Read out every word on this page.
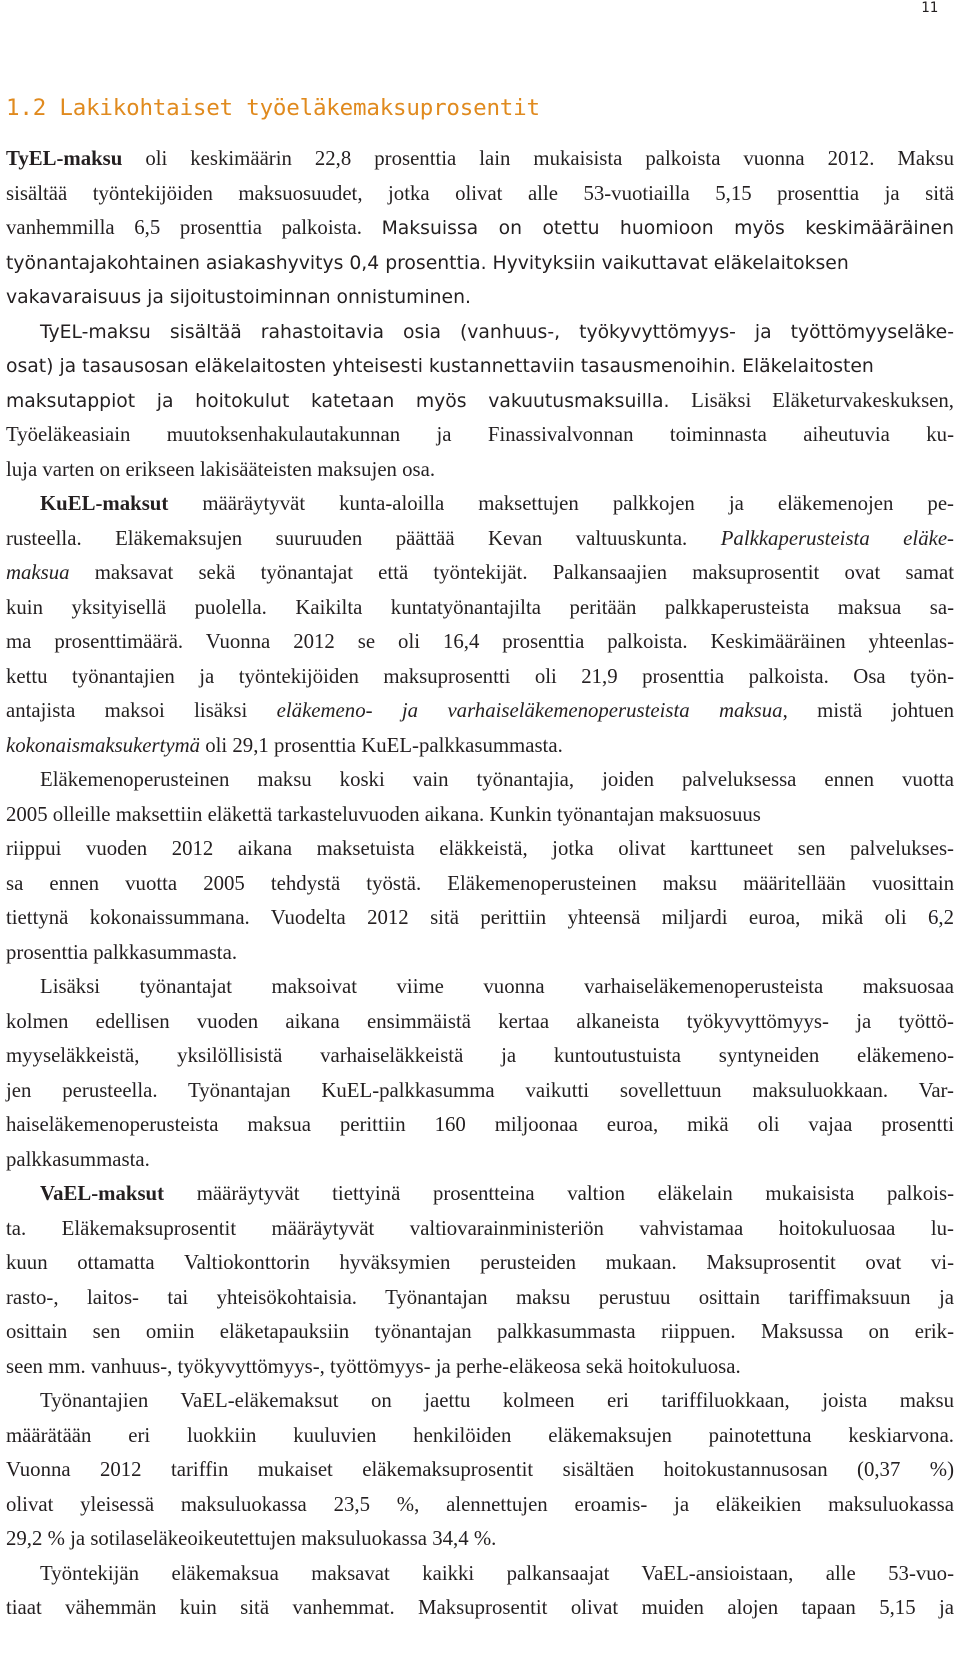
11
1.2 Lakikohtaiset työeläkemaksuprosentit
TyEL-maksu oli keskimäärin 22,8 prosenttia lain mukaisista palkoista vuonna 2012. Maksu
sisältää työntekijöiden maksuosuudet, jotka olivat alle 53-vuotiailla 5,15 prosenttia ja sitä
vanhemmilla 6,5 prosenttia palkoista. Maksuissa on otettu huomioon myös keskimääräinen
työnantajakohtainen asiakashyvitys 0,4 prosenttia. Hyvityksiin vaikuttavat eläkelaitoksen
vakavaraisuus ja sijoitustoiminnan onnistuminen.
TyEL-maksu sisältää rahastoitavia osia (vanhuus-, työkyvyttömyys- ja työttömyyseläke-
osat) ja tasausosan eläkelaitosten yhteisesti kustannettaviin tasausmenoihin. Eläkelaitosten
maksutappiot ja hoitokulut katetaan myös vakuutusmaksuilla. Lisäksi Eläketurvakeskuksen,
Työeläkeasiain muutoksenhakulautakunnan ja Finassivalvonnan toiminnasta aiheutuvia ku-
luja varten on erikseen lakisääteisten maksujen osa.
KuEL-maksut määräytyvät kunta-aloilla maksettujen palkkojen ja eläkemenojen pe-
rusteella. Eläkemaksujen suuruuden päättää Kevan valtuuskunta. Palkkaperusteista eläke-
maksua maksavat sekä työnantajat että työntekijät. Palkansaajien maksuprosentit ovat samat
kuin yksityisellä puolella. Kaikilta kuntatyönantajilta peritään palkkaperusteista maksua sa-
ma prosenttimäärä. Vuonna 2012 se oli 16,4 prosenttia palkoista. Keskimääräinen yhteenlas-
kettu työnantajien ja työntekijöiden maksuprosentti oli 21,9 prosenttia palkoista. Osa työn-
antajista maksoi lisäksi eläkemeno- ja varhaiseläkemenoperusteista maksua, mistä johtuen
kokonaismaksukertymä oli 29,1 prosenttia KuEL-palkkasummasta.
Eläkemenoperusteinen maksu koski vain työnantajia, joiden palveluksessa ennen vuotta
2005 olleille maksettiin eläkettä tarkasteluvuoden aikana. Kunkin työnantajan maksuosuus
riippui vuoden 2012 aikana maksetuista eläkkeistä, jotka olivat karttuneet sen palvelukses-
sa ennen vuotta 2005 tehdystä työstä. Eläkemenoperusteinen maksu määritellään vuosittain
tiettynä kokonaissummana. Vuodelta 2012 sitä perittiin yhteensä miljardi euroa, mikä oli 6,2
prosenttia palkkasummasta.
Lisäksi työnantajat maksoivat viime vuonna varhaiseläkemenoperusteista maksuosaa
kolmen edellisen vuoden aikana ensimmäistä kertaa alkaneista työkyvyttömyys- ja työttö-
myyseläkkeistä, yksilöllisistä varhaiseläkkeistä ja kuntoutustuista syntyneiden eläkemeno-
jen perusteella. Työnantajan KuEL-palkkasumma vaikutti sovellettuun maksuluokkaan. Var-
haiseläkemenoperusteista maksua perittiin 160 miljoonaa euroa, mikä oli vajaa prosentti
palkkasummasta.
VaEL-maksut määräytyvät tiettyinä prosentteina valtion eläkelain mukaisista palkois-
ta. Eläkemaksuprosentit määräytyvät valtiovarainministeriön vahvistamaa hoitokuluosaa lu-
kuun ottamatta Valtiokonttorin hyväksymien perusteiden mukaan. Maksuprosentit ovat vi-
rasto-, laitos- tai yhteisökohtaisia. Työnantajan maksu perustuu osittain tariffimaksuun ja
osittain sen omiin eläketapauksiin työnantajan palkkasummasta riippuen. Maksussa on erik-
seen mm. vanhuus-, työkyvyttömyys-, työttömyys- ja perhe-eläkeosa sekä hoitokuluosa.
Työnantajien VaEL-eläkemaksut on jaettu kolmeen eri tariffiluokkaan, joista maksu
määrätään eri luokkiin kuuluvien henkilöiden eläkemaksujen painotettuna keskiarvona.
Vuonna 2012 tariffin mukaiset eläkemaksuprosentit sisältäen hoitokustannusosan (0,37 %)
olivat yleisessä maksuluokassa 23,5 %, alennettujen eroamis- ja eläkeikien maksuluokassa
29,2 % ja sotilaseläkeoikeutettujen maksuluokassa 34,4 %.
Työntekijän eläkemaksua maksavat kaikki palkansaajat VaEL-ansioistaan, alle 53-vuo-
tiaat vähemmän kuin sitä vanhemmat. Maksuprosentit olivat muiden alojen tapaan 5,15 ja
